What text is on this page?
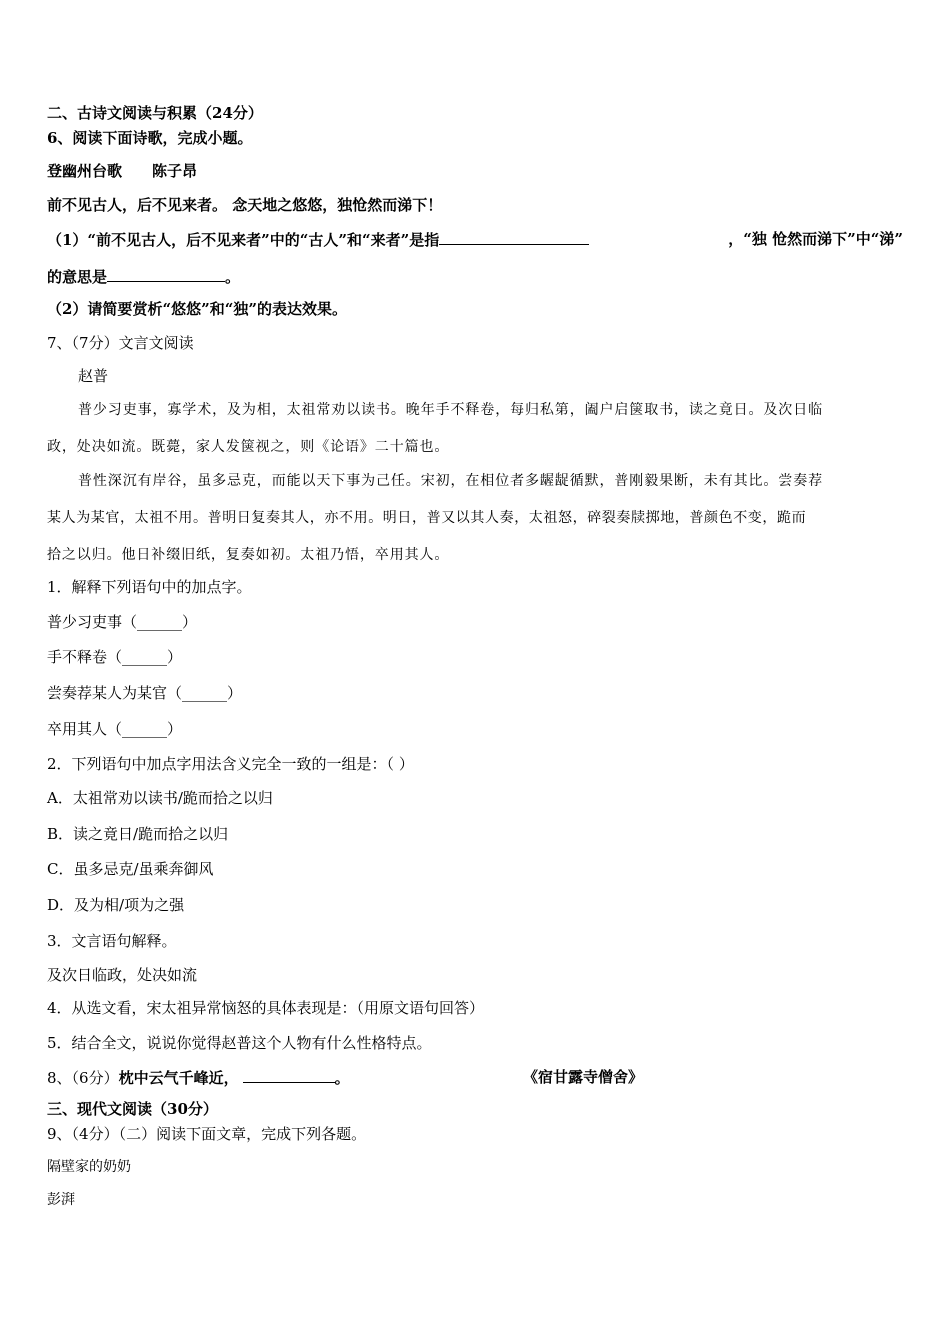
二、古诗文阅读与积累（24分）
6、阅读下面诗歌，完成小题。
登幽州台歌 陈子昂
前不见古人，后不见来者。 念天地之悠悠，独怆然而涕下！
（1）“前不见古人，后不见来者”中的“古人”和“来者”是指	，“独 怆然而涕下”中“涕”
的意思是	。
（2）请简要赏析“悠悠”和“独”的表达效果。
7、（7分）文言文阅读
赵普
普少习吏事，寡学术，及为相，太祖常劝以读书。晚年手不释卷，每归私第，阖户启箧取书，读之竟日。及次日临
政，处决如流。既薨，家人发箧视之，则《论语》二十篇也。
普性深沉有岸谷，虽多忌克，而能以天下事为己任。宋初，在相位者多龌龊循默，普刚毅果断，未有其比。尝奏荐
某人为某官，太祖不用。普明日复奏其人，亦不用。明日，普又以其人奏，太祖怒，碎裂奏牍掷地，普颜色不变，跪而
拾之以归。他日补缀旧纸，复奏如初。太祖乃悟，卒用其人。
1．解释下列语句中的加点字。
普少习吏事（______）
手不释卷（______）
尝奏荐某人为某官（______）
卒用其人（______）
2．下列语句中加点字用法含义完全一致的一组是：（ ）
A．太祖常劝以读书/跪而拾之以归
B．读之竟日/跪而拾之以归
C．虽多忌克/虽乘奔御风
D．及为相/项为之强
3．文言语句解释。
及次日临政，处决如流
4．从选文看，宋太祖异常恼怒的具体表现是：（用原文语句回答）
5．结合全文，说说你觉得赵普这个人物有什么性格特点。
8、（6分）枕中云气千峰近，	。	《宿甘露寺僧舍》
三、现代文阅读（30分）
9、（4分）（二）阅读下面文章，完成下列各题。
隔壁家的奶奶
彭湃
